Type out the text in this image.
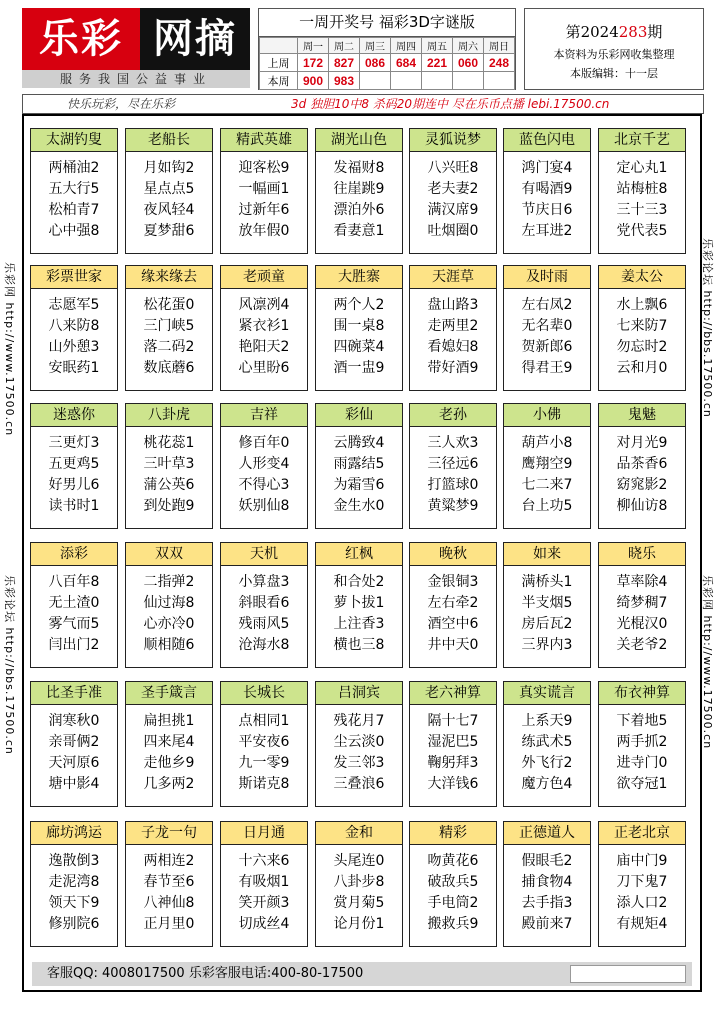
乐彩 网摘
服务我国公益事业
一周开奖号 福彩3D字谜版
	周一	周二	周三	周四	周五	周六	周日
上周	172	827	086	684	221	060	248
本周	900	983					
第2024283期
本资料为乐彩网收集整理
本版编辑：十一层
快乐玩彩，尽在乐彩	3d 独胆10中8 杀码20期连中 尽在乐币点播 lebi.17500.cn
乐彩网 http://www.17500.cn
乐彩论坛 http://bbs.17500.cn
乐彩论坛 http://bbs.17500.cn
乐彩网 http://www.17500.cn
太湖钓叟
两桶油2
五大行5
松柏青7
心中强8
老船长
月如钩2
星点点5
夜风轻4
夏梦甜6
精武英雄
迎客松9
一幅画1
过新年6
放年假0
湖光山色
发福财8
往崖跳9
漂泊外6
看妻意1
灵狐说梦
八兴旺8
老夫妻2
满汉席9
吐烟圈0
蓝色闪电
鸿门宴4
有喝酒9
节庆日6
左耳进2
北京千艺
定心丸1
站梅桩8
三十三3
党代表5
彩票世家
志愿军5
八来防8
山外憩3
安眠药1
缘来缘去
松花蛋0
三门峡5
落二码2
数底蘑6
老顽童
风凛冽4
紧衣衫1
艳阳天2
心里盼6
大胜寨
两个人2
围一桌8
四碗菜4
酒一盅9
天涯草
盘山路3
走两里2
看媳妇8
带好酒9
及时雨
左右凤2
无名辈0
贺新郎6
得君王9
姜太公
水上飘6
七来防7
勿忘时2
云和月0
迷惑你
三更灯3
五更鸡5
好男儿6
读书时1
八卦虎
桃花蕊1
三叶草3
蒲公英6
到处跑9
吉祥
修百年0
人形变4
不得心3
妖别仙8
彩仙
云腾致4
雨露结5
为霜雪6
金生水0
老孙
三人欢3
三径远6
打篮球0
黄粱梦9
小佛
葫芦小8
鹰翔空9
七二来7
台上功5
鬼魅
对月光9
品茶香6
窈窕影2
柳仙访8
添彩
八百年8
无土渣0
雾气而5
闫出门2
双双
二指弹2
仙过海8
心亦冷0
顺相随6
天机
小算盘3
斜眼看6
残雨风5
沧海水8
红枫
和合处2
萝卜拔1
上注香3
横也三8
晚秋
金银铜3
左右牵2
酒空中6
井中天0
如来
满桥头1
半支烟5
房后瓦2
三界内3
晓乐
草率除4
绮梦稠7
光棍汉0
关老爷2
比圣手准
润寒秋0
亲哥俩2
天河原6
塘中影4
圣手箴言
扁担挑1
四来尾4
走他乡9
几多两2
长城长
点相同1
平安夜6
九一零9
斯诺克8
吕洞宾
残花月7
尘云淡0
发三邻3
三叠浪6
老六神算
隔十七7
湿泥巴5
鞠躬拜3
大洋钱6
真实谎言
上系天9
练武术5
外飞行2
魔方色4
布衣神算
下着地5
两手抓2
进寺门0
欲夺冠1
廊坊鸿运
逸散倒3
走泥湾8
领天下9
修别院6
子龙一句
两相连2
春节至6
八神仙8
正月里0
日月通
十六来6
有吸烟1
笑开颜3
切成丝4
金和
头尾连0
八卦步8
赏月菊5
论月份1
精彩
吻黄花6
破敌兵5
手电筒2
搬救兵9
正德道人
假眼毛2
捕食物4
去手指3
殿前来7
正老北京
庙中门9
刀下鬼7
添人口2
有规矩4
客服QQ: 4008017500 乐彩客服电话:400-80-17500
